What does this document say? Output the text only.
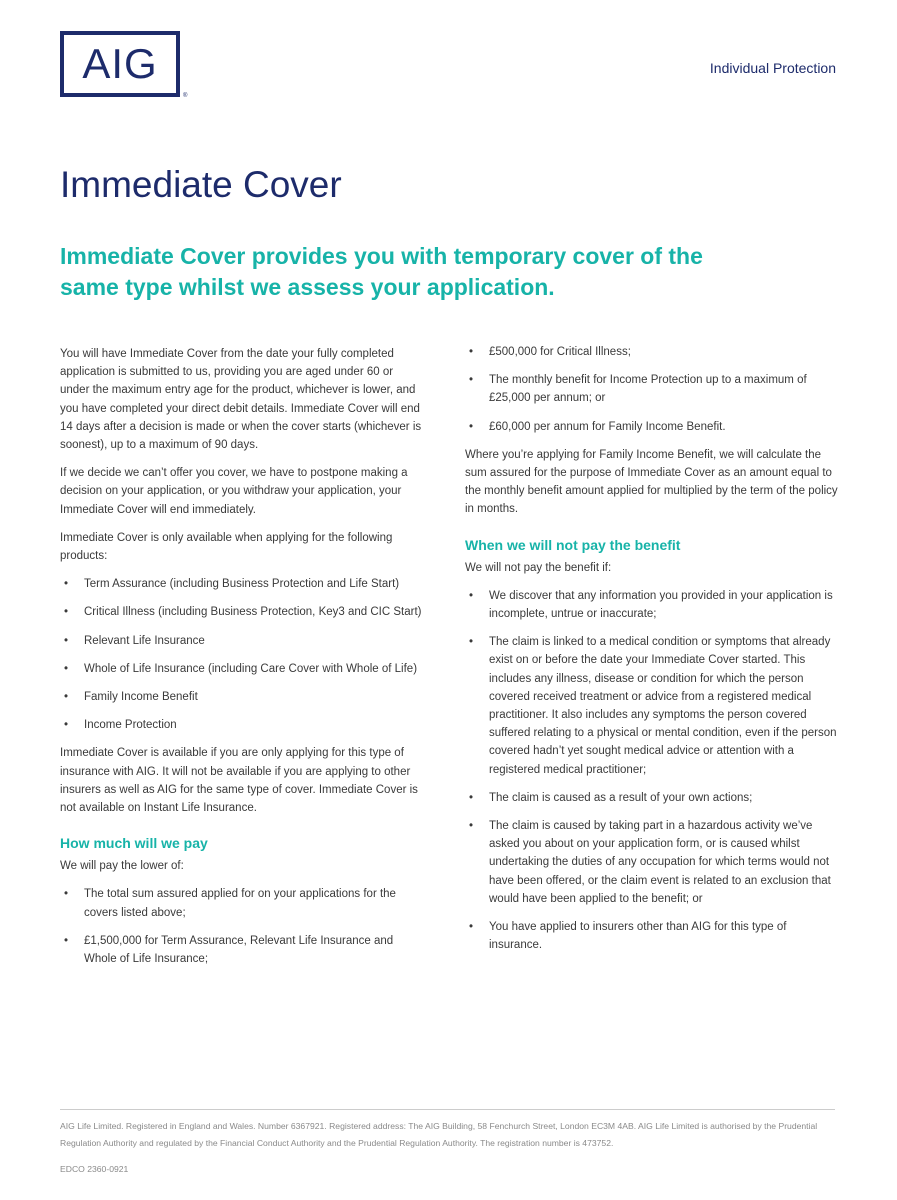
AIG
®
Individual Protection
Immediate Cover
Immediate Cover provides you with temporary cover of the same type whilst we assess your application.

You will have Immediate Cover from the date your fully completed application is submitted to us, providing you are aged under 60 or under the maximum entry age for the product, whichever is lower, and you have completed your direct debit details. Immediate Cover will end 14 days after a decision is made or when the cover starts (whichever is soonest), up to a maximum of 90 days.

If we decide we can’t offer you cover, we have to postpone making a decision on your application, or you withdraw your application, your Immediate Cover will end immediately.

Immediate Cover is only available when applying for the following products:

• Term Assurance (including Business Protection and Life Start)
• Critical Illness (including Business Protection, Key3 and CIC Start)
• Relevant Life Insurance
• Whole of Life Insurance (including Care Cover with Whole of Life)
• Family Income Benefit
• Income Protection

Immediate Cover is available if you are only applying for this type of insurance with AIG. It will not be available if you are applying to other insurers as well as AIG for the same type of cover. Immediate Cover is not available on Instant Life Insurance.

How much will we pay

We will pay the lower of:

• The total sum assured applied for on your applications for the covers listed above;
• £1,500,000 for Term Assurance, Relevant Life Insurance and Whole of Life Insurance;
• £500,000 for Critical Illness;
• The monthly benefit for Income Protection up to a maximum of £25,000 per annum; or
• £60,000 per annum for Family Income Benefit.

Where you’re applying for Family Income Benefit, we will calculate the sum assured for the purpose of Immediate Cover as an amount equal to the monthly benefit amount applied for multiplied by the term of the policy in months.

When we will not pay the benefit

We will not pay the benefit if:

• We discover that any information you provided in your application is incomplete, untrue or inaccurate;
• The claim is linked to a medical condition or symptoms that already exist on or before the date your Immediate Cover started. This includes any illness, disease or condition for which the person covered received treatment or advice from a registered medical practitioner. It also includes any symptoms the person covered suffered relating to a physical or mental condition, even if the person covered hadn’t yet sought medical advice or attention with a registered medical practitioner;
• The claim is caused as a result of your own actions;
• The claim is caused by taking part in a hazardous activity we’ve asked you about on your application form, or is caused whilst undertaking the duties of any occupation for which terms would not have been offered, or the claim event is related to an exclusion that would have been applied to the benefit; or
• You have applied to insurers other than AIG for this type of insurance.

AIG Life Limited. Registered in England and Wales. Number 6367921. Registered address: The AIG Building, 58 Fenchurch Street, London EC3M 4AB. AIG Life Limited is authorised by the Prudential Regulation Authority and regulated by the Financial Conduct Authority and the Prudential Regulation Authority. The registration number is 473752.

EDCO 2360-0921
